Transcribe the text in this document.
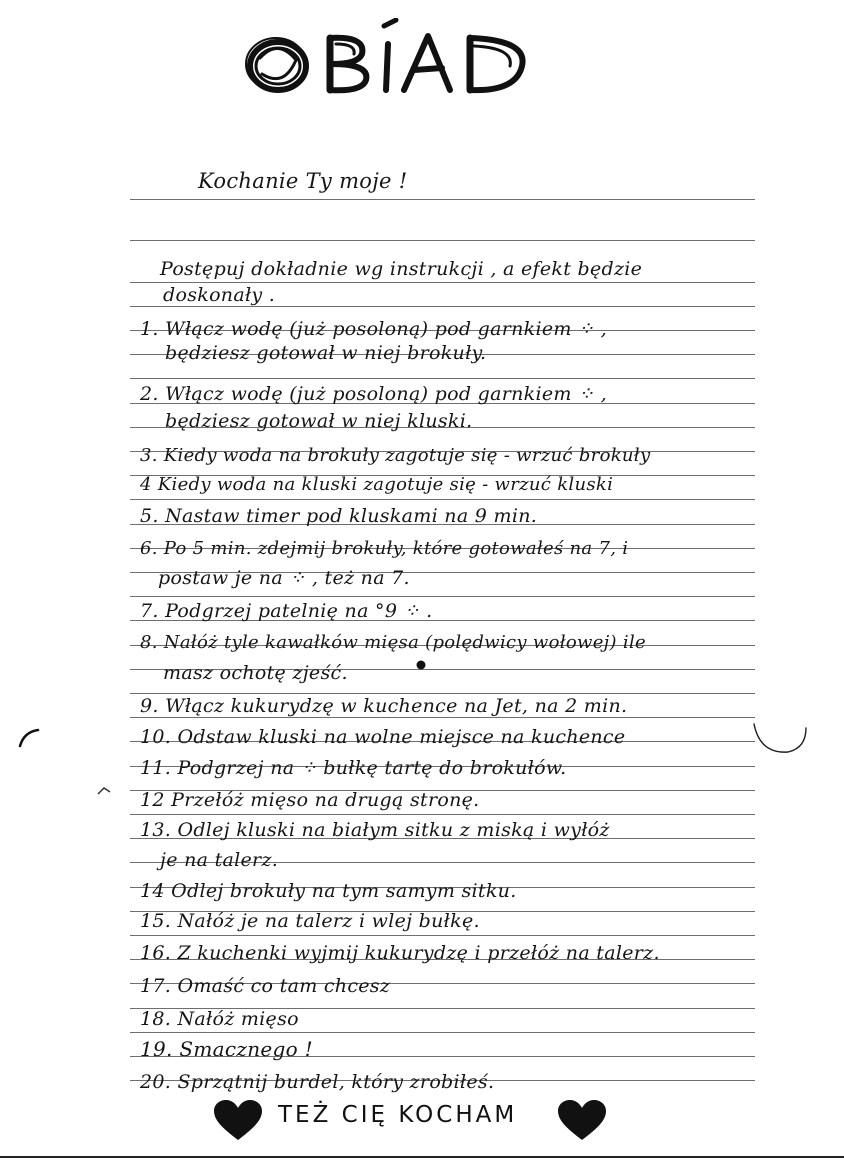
Kochanie Ty moje !
Postępuj dokładnie wg instrukcji , a efekt będzie
doskonały .
1. Włącz wodę (już posoloną) pod garnkiem ⁘ ,
będziesz gotował w niej brokuły.
2. Włącz wodę (już posoloną) pod garnkiem ⁘ ,
będziesz gotował w niej kluski.
3. Kiedy woda na brokuły zagotuje się - wrzuć brokuły
4 Kiedy woda na kluski zagotuje się - wrzuć kluski
5. Nastaw timer pod kluskami na 9 min.
6. Po 5 min. zdejmij brokuły, które gotowałeś na 7, i
postaw je na ⁘ , też na 7.
7. Podgrzej patelnię na °9 ⁘ .
8. Nałóż tyle kawałków mięsa (polędwicy wołowej) ile
masz ochotę zjeść.
9. Włącz kukurydzę w kuchence na Jet, na 2 min.
10. Odstaw kluski na wolne miejsce na kuchence
11. Podgrzej na ⁘ bułkę tartę do brokułów.
12 Przełóż mięso na drugą stronę.
13. Odlej kluski na białym sitku z miską i wyłóż
je na talerz.
14 Odlej brokuły na tym samym sitku.
15. Nałóż je na talerz i wlej bułkę.
16. Z kuchenki wyjmij kukurydzę i przełóż na talerz.
17. Omaść co tam chcesz
18. Nałóż mięso
19. Smacznego !
20. Sprzątnij burdel, który zrobiłeś.
TEŻ CIĘ KOCHAM
